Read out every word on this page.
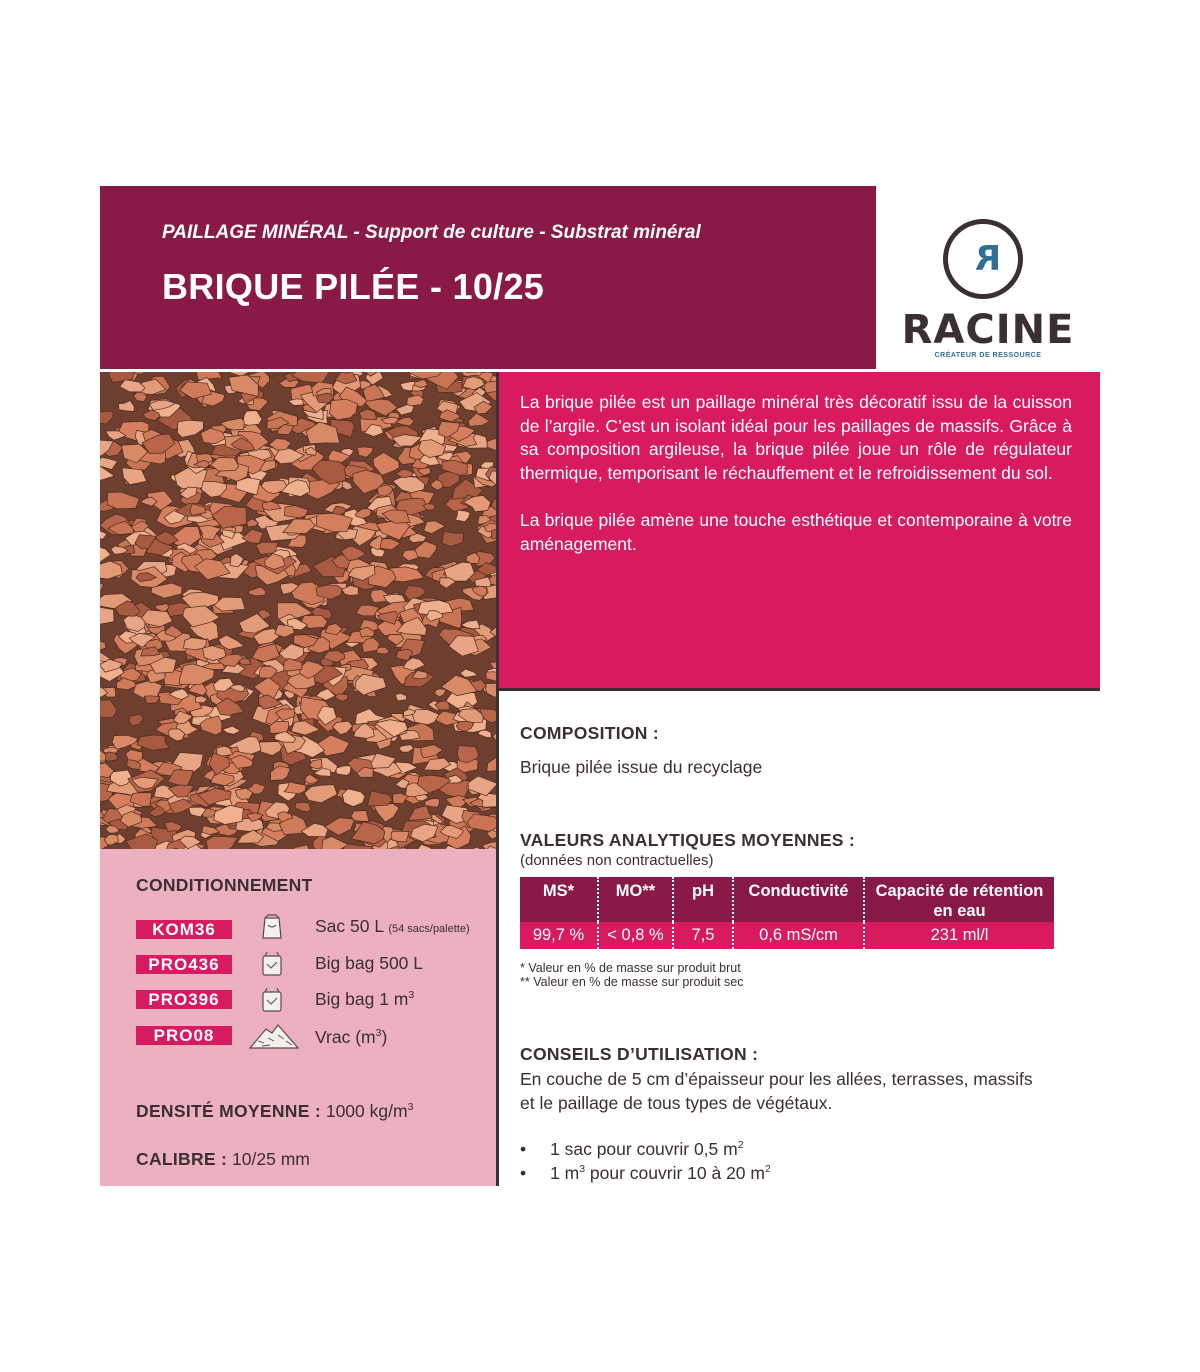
PAILLAGE MINÉRAL - Support de culture - Substrat minéral
BRIQUE PILÉE - 10/25
R
RACINE
CRÉATEUR DE RESSOURCE
La brique pilée est un paillage minéral très décoratif issu de la cuisson de l’argile. C’est un isolant idéal pour les paillages de massifs. Grâce à sa composition argileuse, la brique pilée joue un rôle de régulateur thermique, temporisant le réchauffement et le refroidissement du sol.
La brique pilée amène une touche esthétique et contemporaine à votre aménagement.
CONDITIONNEMENT
KOM36	Sac 50 L (54 sacs/palette)
PRO436	Big bag 500 L
PRO396	Big bag 1 $m^3$
PRO08	Vrac $(m^3)$
DENSITÉ MOYENNE : 1000 $kg/m^3$
CALIBRE : 10/25 mm
COMPOSITION :
Brique pilée issue du recyclage
VALEURS ANALYTIQUES MOYENNES :
(données non contractuelles)
MS*	MO**	pH	Conductivité	Capacité de rétention en eau
99,7 %	< 0,8 %	7,5	0,6 mS/cm	231 ml/l
* Valeur en % de masse sur produit brut
** Valeur en % de masse sur produit sec
CONSEILS D’UTILISATION :
En couche de 5 cm d’épaisseur pour les allées, terrasses, massifs
et le paillage de tous types de végétaux.
• 1 sac pour couvrir 0,5 $m^2$
• 1 $m^3$ pour couvrir 10 à 20 $m^2$
